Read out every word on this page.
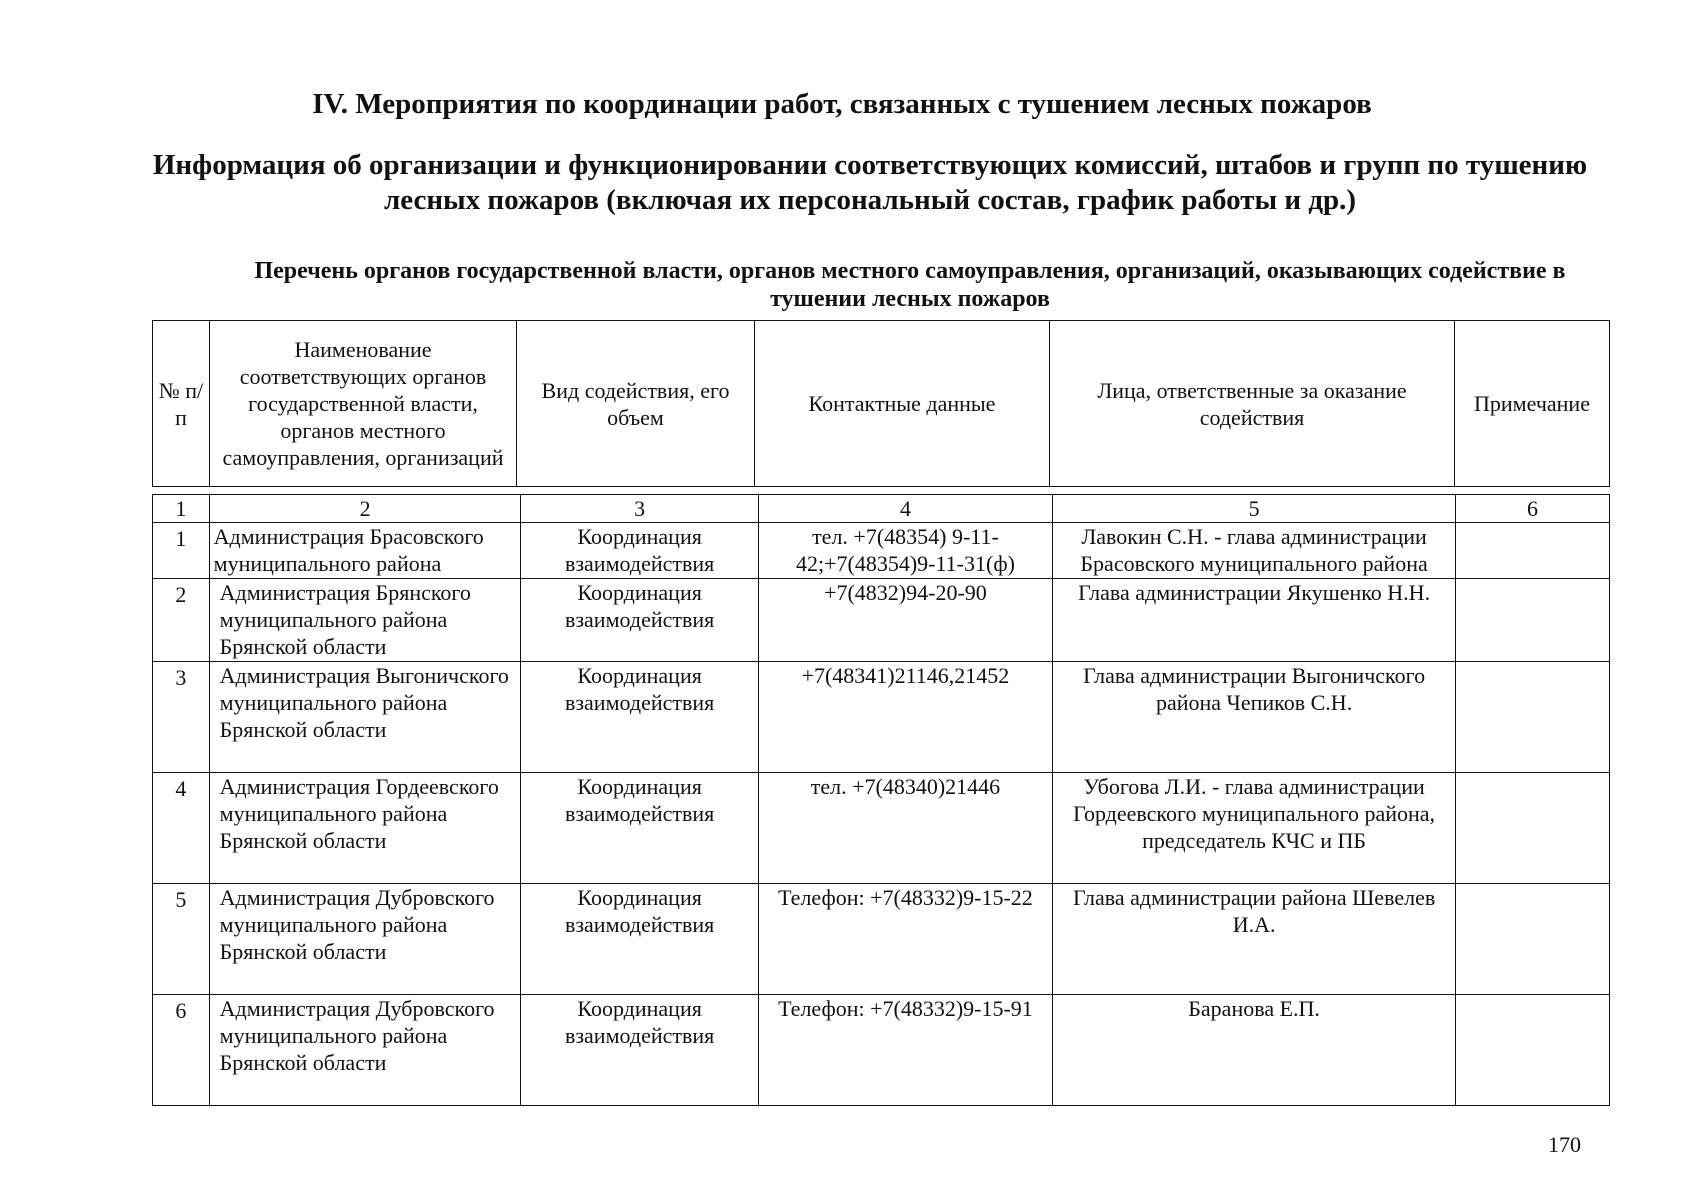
IV. Мероприятия по координации работ, связанных с тушением лесных пожаров
Информация об организации и функционировании соответствующих комиссий, штабов и групп по тушению лесных пожаров (включая их персональный состав, график работы и др.)
Перечень органов государственной власти, органов местного самоуправления, организаций, оказывающих содействие в тушении лесных пожаров
№ п/п	Наименование соответствующих органов государственной власти, органов местного самоуправления, организаций	Вид содействия, его объем	Контактные данные	Лица, ответственные за оказание содействия	Примечание
1	2	3	4	5	6
1	Администрация Брасовского муниципального района	Координация взаимодействия	тел. +7(48354) 9-11-42;+7(48354)9-11-31(ф)	Лавокин С.Н. - глава администрации Брасовского муниципального района	
2	Администрация Брянского муниципального района Брянской области	Координация взаимодействия	+7(4832)94-20-90	Глава администрации Якушенко Н.Н.	
3	Администрация Выгоничского муниципального района Брянской области	Координация взаимодействия	+7(48341)21146,21452	Глава администрации Выгоничского района Чепиков С.Н.	
4	Администрация Гордеевского муниципального района Брянской области	Координация взаимодействия	тел. +7(48340)21446	Убогова Л.И. - глава администрации Гордеевского муниципального района, председатель КЧС и ПБ	
5	Администрация Дубровского муниципального района Брянской области	Координация взаимодействия	Телефон: +7(48332)9-15-22	Глава администрации района Шевелев И.А.	
6	Администрация Дубровского муниципального района Брянской области	Координация взаимодействия	Телефон: +7(48332)9-15-91	Баранова Е.П.	
170
